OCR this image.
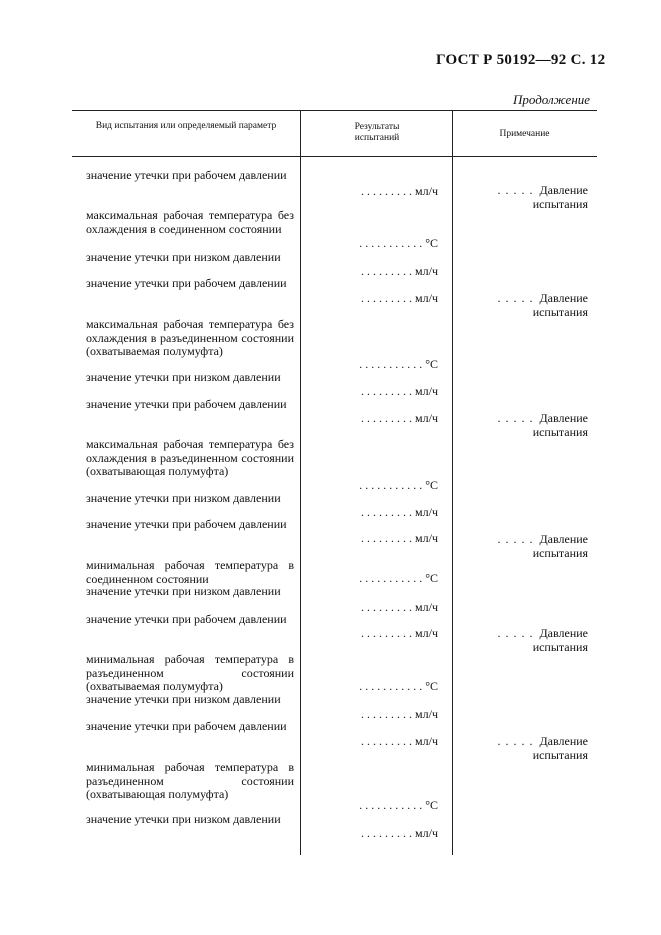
ГОСТ Р 50192—92 С. 12
Продолжение
Вид испытания или определяемый параметр	Результаты испытаний	Примечание
значение утечки при рабочем давлении
. . . . . . . . . мл/ч	. . . . . Давление испытания
максимальная рабочая температура без охлаждения в соединенном состоянии
. . . . . . . . . . . °С
значение утечки при низком давлении
. . . . . . . . . мл/ч
значение утечки при рабочем давлении
. . . . . . . . . мл/ч	. . . . . Давление испытания
максимальная рабочая температура без охлаждения в разъединенном состоянии (охватываемая полумуфта)
. . . . . . . . . . . °С
значение утечки при низком давлении
. . . . . . . . . мл/ч
значение утечки при рабочем давлении
. . . . . . . . . мл/ч	. . . . . Давление испытания
максимальная рабочая температура без охлаждения в разъединенном состоянии (охватывающая полумуфта)
. . . . . . . . . . . °С
значение утечки при низком давлении
. . . . . . . . . мл/ч
значение утечки при рабочем давлении
. . . . . . . . . мл/ч	. . . . . Давление испытания
минимальная рабочая температура в соединенном состоянии	. . . . . . . . . . . °С
значение утечки при низком давлении
. . . . . . . . . мл/ч
значение утечки при рабочем давлении
. . . . . . . . . мл/ч	. . . . . Давление испытания
минимальная рабочая температура в разъединенном состоянии (охватываемая полумуфта)	. . . . . . . . . . . °С
значение утечки при низком давлении
. . . . . . . . . мл/ч
значение утечки при рабочем давлении
. . . . . . . . . мл/ч	. . . . . Давление испытания
минимальная рабочая температура в разъединенном состоянии (охватывающая полумуфта)
. . . . . . . . . . . °С
значение утечки при низком давлении
. . . . . . . . . мл/ч
